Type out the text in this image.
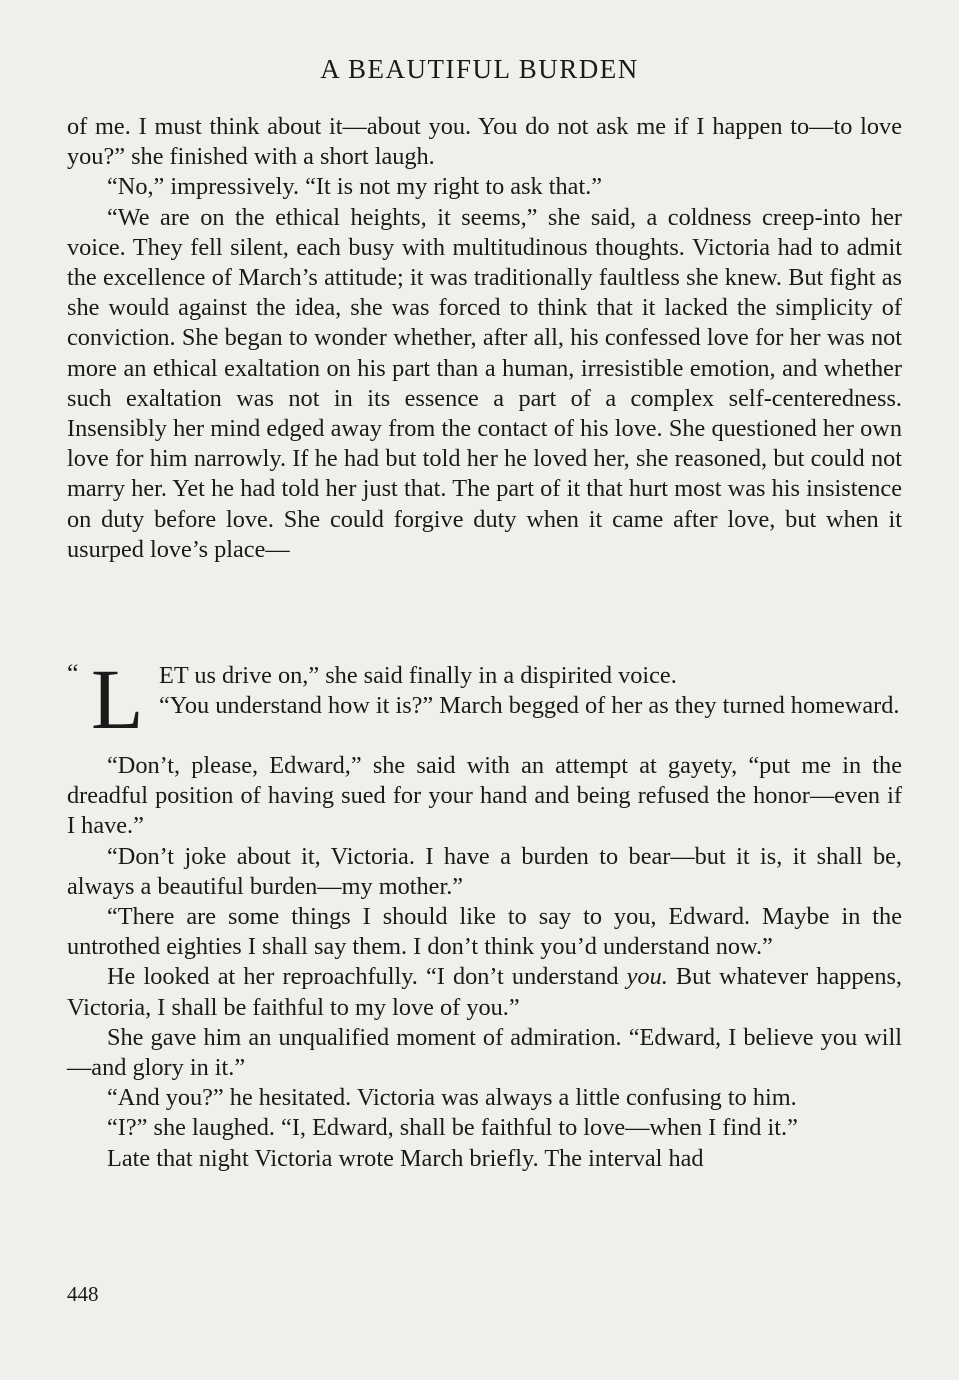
A BEAUTIFUL BURDEN

of me. I must think about it—about you. You do not ask me if I happen to—to love you?” she finished with a short laugh.

“No,” impressively. “It is not my right to ask that.”

“We are on the ethical heights, it seems,” she said, a coldness creep-into her voice. They fell silent, each busy with multitudinous thoughts. Victoria had to admit the excellence of March’s attitude; it was traditionally faultless she knew. But fight as she would against the idea, she was forced to think that it lacked the simplicity of conviction. She began to wonder whether, after all, his confessed love for her was not more an ethical exaltation on his part than a human, irresistible emotion, and whether such exaltation was not in its essence a part of a complex self-centeredness. Insensibly her mind edged away from the contact of his love. She questioned her own love for him narrowly. If he had but told her he loved her, she reasoned, but could not marry her. Yet he had told her just that. The part of it that hurt most was his insistence on duty before love. She could forgive duty when it came after love, but when it usurped love’s place—

“ L ET us drive on,” she said finally in a dispirited voice.

“You understand how it is?” March begged of her as they turned homeward.

“Don’t, please, Edward,” she said with an attempt at gayety, “put me in the dreadful position of having sued for your hand and being refused the honor—even if I have.”

“Don’t joke about it, Victoria. I have a burden to bear—but it is, it shall be, always a beautiful burden—my mother.”

“There are some things I should like to say to you, Edward. Maybe in the untrothed eighties I shall say them. I don’t think you’d understand now.”

He looked at her reproachfully. “I don’t understand you. But whatever happens, Victoria, I shall be faithful to my love of you.”

She gave him an unqualified moment of admiration. “Edward, I believe you will—and glory in it.”

“And you?” he hesitated. Victoria was always a little confusing to him.

“I?” she laughed. “I, Edward, shall be faithful to love—when I find it.”

Late that night Victoria wrote March briefly. The interval had

448
